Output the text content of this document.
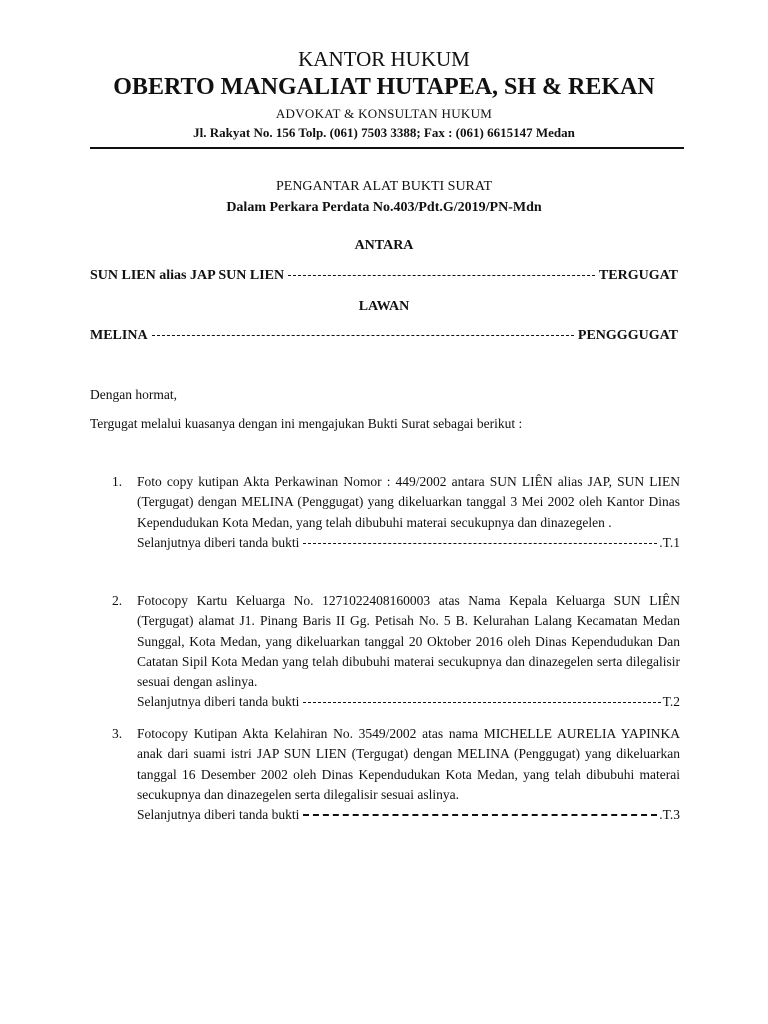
KANTOR HUKUM
OBERTO MANGALIAT HUTAPEA, SH & REKAN
ADVOKAT & KONSULTAN HUKUM
Jl. Rakyat No. 156 Tolp. (061) 7503 3388; Fax : (061) 6615147 Medan
PENGANTAR ALAT BUKTI SURAT
Dalam Perkara Perdata No.403/Pdt.G/2019/PN-Mdn
ANTARA
SUN LIEN alias JAP SUN LIEN	TERGUGAT
LAWAN
MELINA	PENGGGUGAT
Dengan hormat,
Tergugat melalui kuasanya dengan ini mengajukan Bukti Surat sebagai berikut :
1. Foto copy kutipan Akta Perkawinan Nomor : 449/2002 antara SUN LIÊN alias JAP, SUN LIEN (Tergugat) dengan MELINA (Penggugat) yang dikeluarkan tanggal 3 Mei 2002 oleh Kantor Dinas Kependudukan Kota Medan, yang telah dibubuhi materai secukupnya dan dinazegelen .
Selanjutnya diberi tanda bukti	.T.1
2. Fotocopy Kartu Keluarga No. 1271022408160003 atas Nama Kepala Keluarga SUN LIÊN (Tergugat) alamat J1. Pinang Baris II Gg. Petisah No. 5 B. Kelurahan Lalang Kecamatan Medan Sunggal, Kota Medan, yang dikeluarkan tanggal 20 Oktober 2016 oleh Dinas Kependudukan Dan Catatan Sipil Kota Medan yang telah dibubuhi materai secukupnya dan dinazegelen serta dilegalisir sesuai dengan aslinya.
Selanjutnya diberi tanda bukti	T.2
3. Fotocopy Kutipan Akta Kelahiran No. 3549/2002 atas nama MICHELLE AURELIA YAPINKA anak dari suami istri JAP SUN LIEN (Tergugat) dengan MELINA (Penggugat) yang dikeluarkan tanggal 16 Desember 2002 oleh Dinas Kependudukan Kota Medan, yang telah dibubuhi materai secukupnya dan dinazegelen serta dilegalisir sesuai aslinya.
Selanjutnya diberi tanda bukti	.T.3
